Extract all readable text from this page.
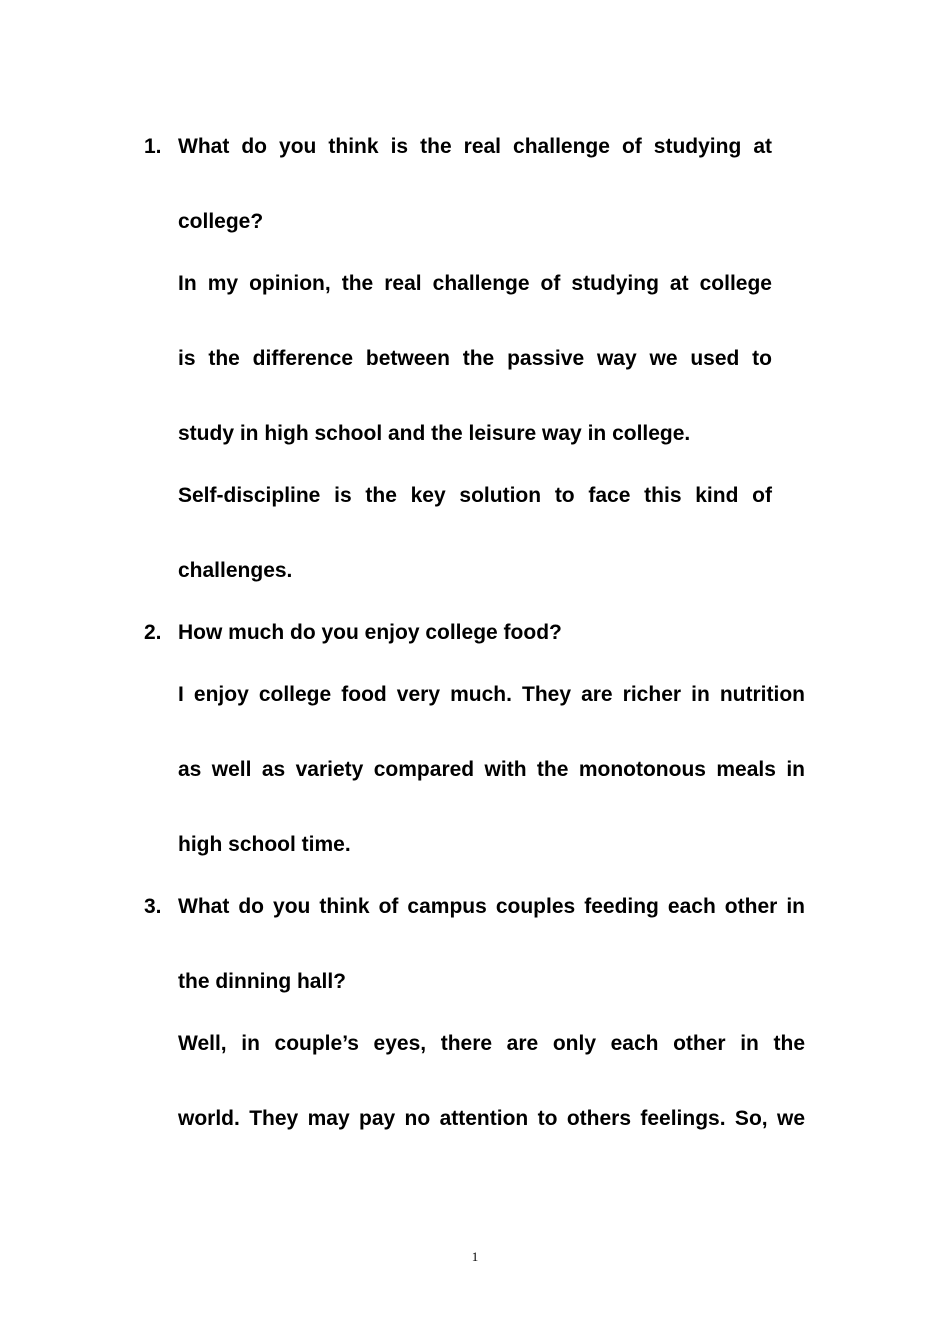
1. What do you think is the real challenge of studying at
college?
In my opinion, the real challenge of studying at college
is the difference between the passive way we used to
study in high school and the leisure way in college.
Self-discipline is the key solution to face this kind of
challenges.
2. How much do you enjoy college food?
I enjoy college food very much. They are richer in nutrition
as well as variety compared with the monotonous meals in
high school time.
3. What do you think of campus couples feeding each other in
the dinning hall?
Well, in couple’s eyes, there are only each other in the
world. They may pay no attention to others feelings. So, we
1
